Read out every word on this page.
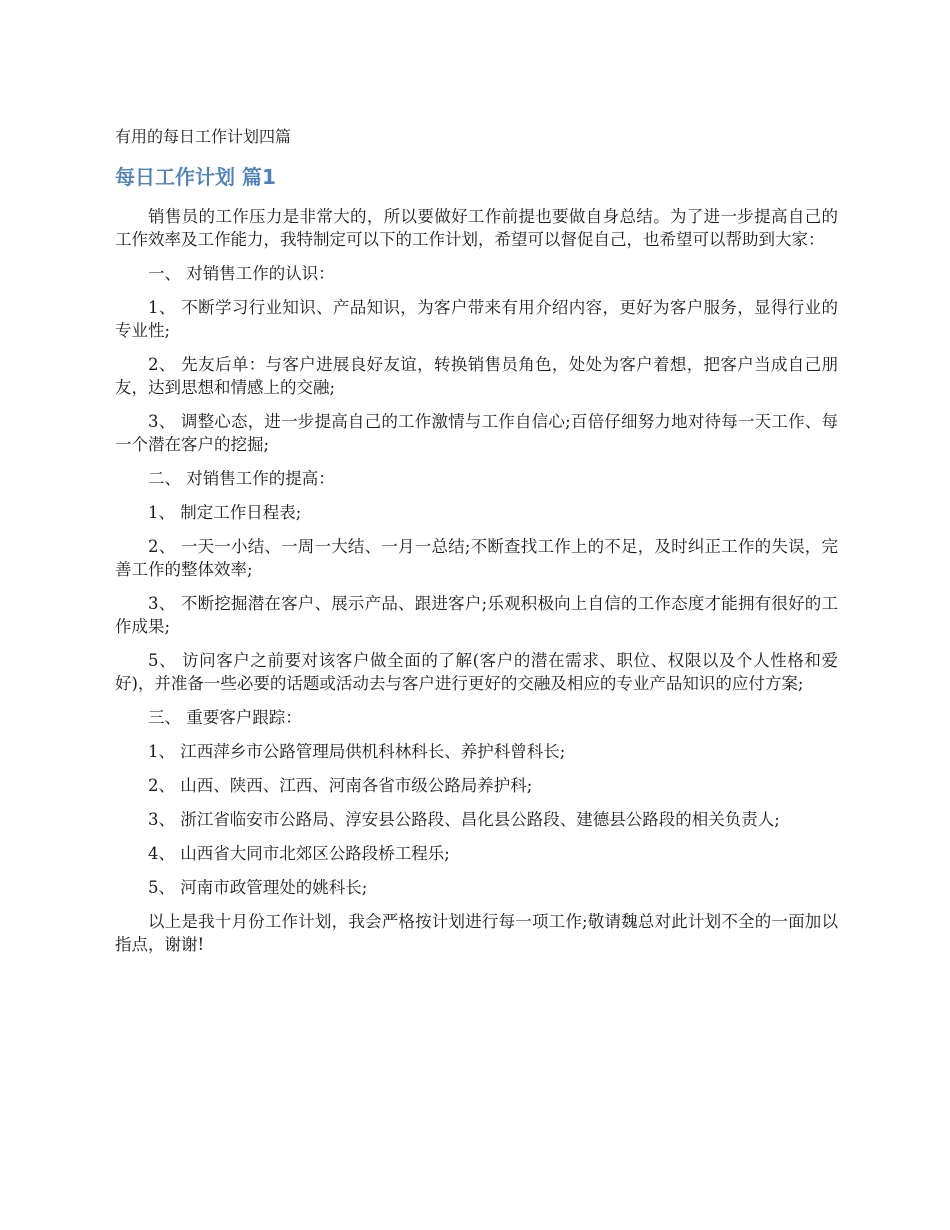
有用的每日工作计划四篇
每日工作计划 篇1

销售员的工作压力是非常大的，所以要做好工作前提也要做自身总结。为了进一步提高自己的工作效率及工作能力，我特制定可以下的工作计划，希望可以督促自己，也希望可以帮助到大家：

一、 对销售工作的认识：

1、 不断学习行业知识、产品知识，为客户带来有用介绍内容，更好为客户服务，显得行业的专业性;

2、 先友后单：与客户进展良好友谊，转换销售员角色，处处为客户着想，把客户当成自己朋友，达到思想和情感上的交融;

3、 调整心态，进一步提高自己的工作激情与工作自信心;百倍仔细努力地对待每一天工作、每一个潜在客户的挖掘;

二、 对销售工作的提高：

1、 制定工作日程表;

2、 一天一小结、一周一大结、一月一总结;不断查找工作上的不足，及时纠正工作的失误，完善工作的整体效率;

3、 不断挖掘潜在客户、展示产品、跟进客户;乐观积极向上自信的工作态度才能拥有很好的工作成果;

5、 访问客户之前要对该客户做全面的了解(客户的潜在需求、职位、权限以及个人性格和爱好)，并准备一些必要的话题或活动去与客户进行更好的交融及相应的专业产品知识的应付方案;

三、 重要客户跟踪：

1、 江西萍乡市公路管理局供机科林科长、养护科曾科长;

2、 山西、陕西、江西、河南各省市级公路局养护科;

3、 浙江省临安市公路局、淳安县公路段、昌化县公路段、建德县公路段的相关负责人;

4、 山西省大同市北郊区公路段桥工程乐;

5、 河南市政管理处的姚科长;

以上是我十月份工作计划，我会严格按计划进行每一项工作;敬请魏总对此计划不全的一面加以指点，谢谢!
